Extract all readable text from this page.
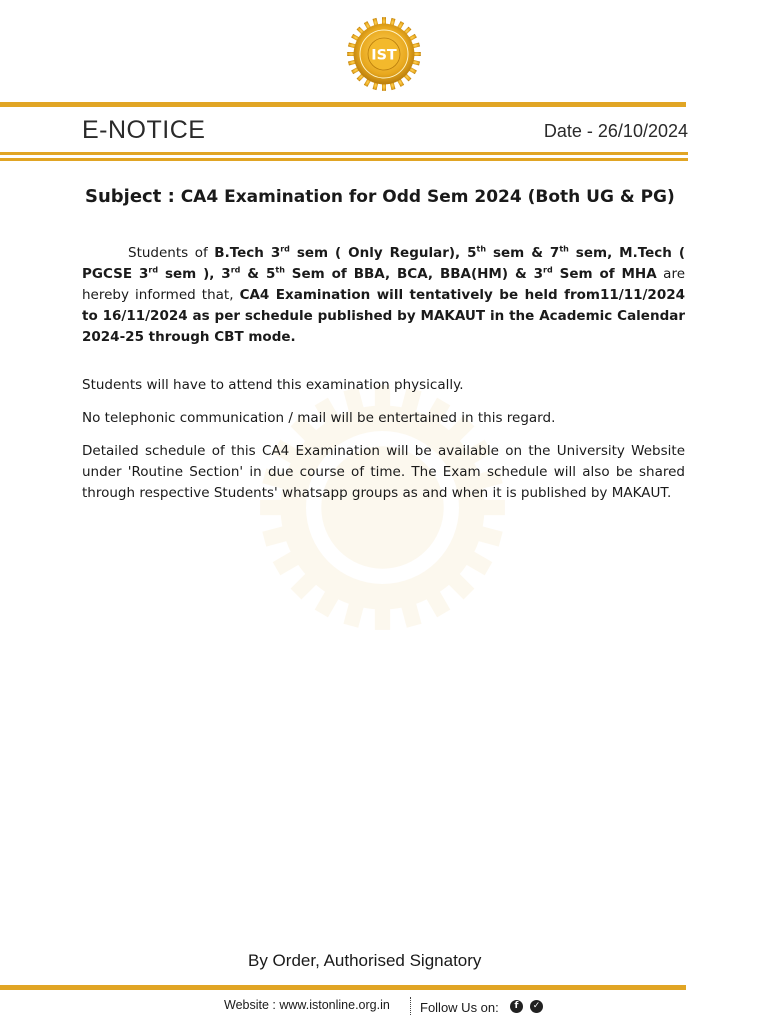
IST
E-NOTICE	Date - 26/10/2024
Subject : CA4 Examination for Odd Sem 2024 (Both UG & PG)
Students of B.Tech 3rd sem ( Only Regular), 5th sem & 7th sem, M.Tech ( PGCSE 3rd sem ), 3rd & 5th Sem of BBA, BCA, BBA(HM) & 3rd Sem of MHA are hereby informed that, CA4 Examination will tentatively be held from11/11/2024 to 16/11/2024 as per schedule published by MAKAUT in the Academic Calendar 2024-25 through CBT mode.
Students will have to attend this examination physically.
No telephonic communication / mail will be entertained in this regard.
Detailed schedule of this CA4 Examination will be available on the University Website under 'Routine Section' in due course of time. The Exam schedule will also be shared through respective Students' whatsapp groups as and when it is published by MAKAUT.
By Order, Authorised Signatory
Website : www.istonline.org.in Follow Us on:	f	✓
